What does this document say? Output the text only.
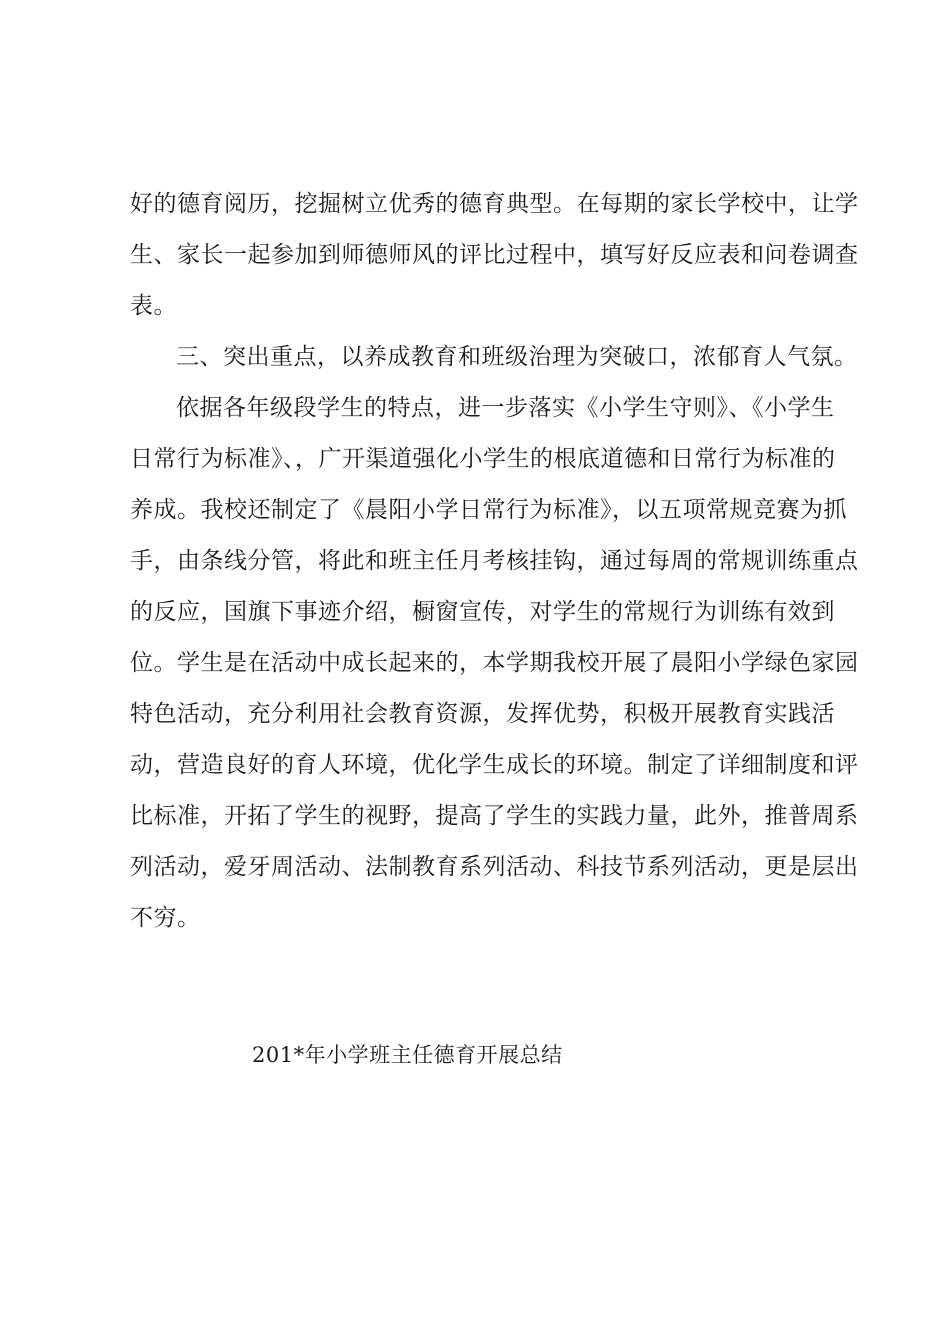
好的德育阅历，挖掘树立优秀的德育典型。在每期的家长学校中，让学
生、家长一起参加到师德师风的评比过程中，填写好反应表和问卷调查
表。
三、突出重点，以养成教育和班级治理为突破口，浓郁育人气氛。
依据各年级段学生的特点，进一步落实《小学生守则》、《小学生
日常行为标准》、，广开渠道强化小学生的根底道德和日常行为标准的
养成。我校还制定了《晨阳小学日常行为标准》，以五项常规竞赛为抓
手，由条线分管，将此和班主任月考核挂钩，通过每周的常规训练重点
的反应，国旗下事迹介绍，橱窗宣传，对学生的常规行为训练有效到
位。学生是在活动中成长起来的，本学期我校开展了晨阳小学绿色家园
特色活动，充分利用社会教育资源，发挥优势，积极开展教育实践活
动，营造良好的育人环境，优化学生成长的环境。制定了详细制度和评
比标准，开拓了学生的视野，提高了学生的实践力量，此外，推普周系
列活动，爱牙周活动、法制教育系列活动、科技节系列活动，更是层出
不穷。
201*年小学班主任德育开展总结
